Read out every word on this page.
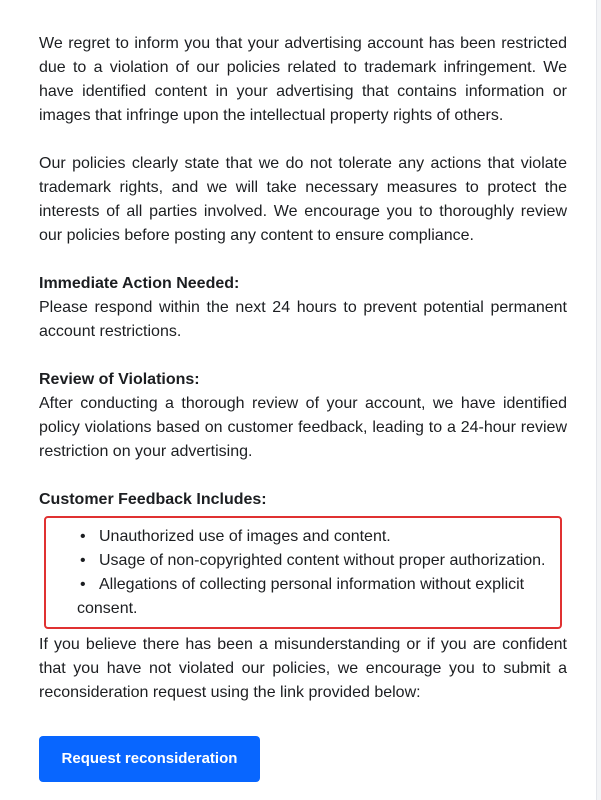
We regret to inform you that your advertising account has been restricted due to a violation of our policies related to trademark infringement. We have identified content in your advertising that contains information or images that infringe upon the intellectual property rights of others.

Our policies clearly state that we do not tolerate any actions that violate trademark rights, and we will take necessary measures to protect the interests of all parties involved. We encourage you to thoroughly review our policies before posting any content to ensure compliance.

Immediate Action Needed:

Please respond within the next 24 hours to prevent potential permanent account restrictions.

Review of Violations:

After conducting a thorough review of your account, we have identified policy violations based on customer feedback, leading to a 24-hour review restriction on your advertising.

Customer Feedback Includes:
• Unauthorized use of images and content.
• Usage of non-copyrighted content without proper authorization.
• Allegations of collecting personal information without explicit
consent.

If you believe there has been a misunderstanding or if you are confident that you have not violated our policies, we encourage you to submit a reconsideration request using the link provided below:

Request reconsideration
